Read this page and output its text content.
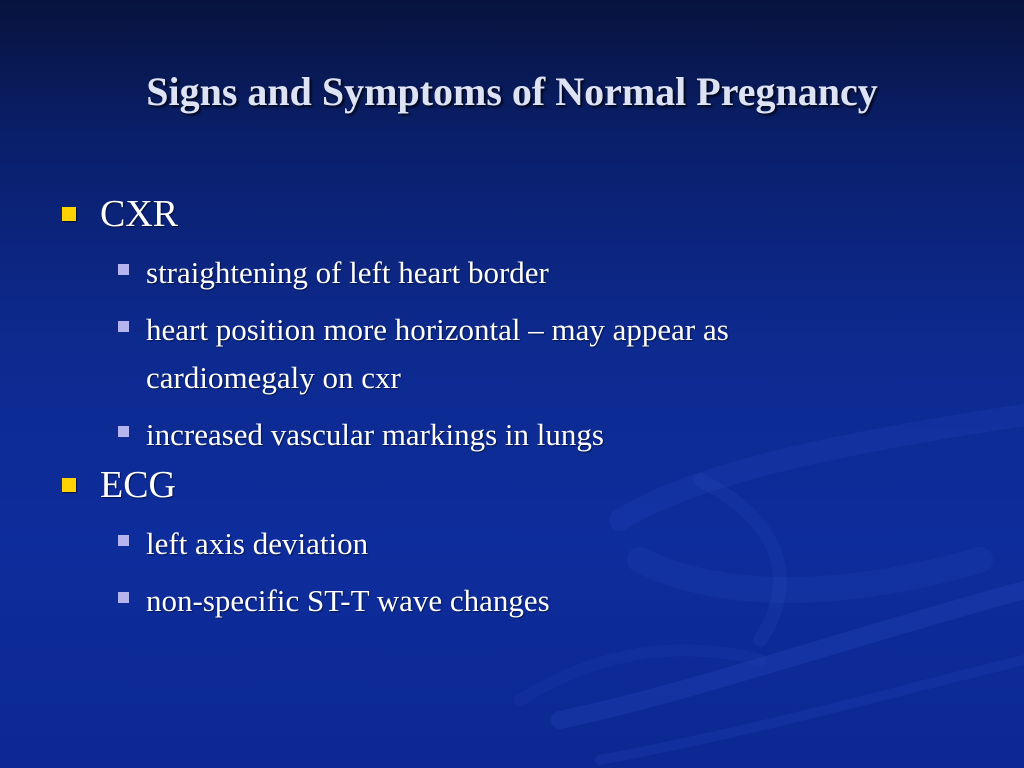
Signs and Symptoms of Normal Pregnancy
CXR
straightening of left heart border
heart position more horizontal – may appear as cardiomegaly on cxr
increased vascular markings in lungs
ECG
left axis deviation
non-specific ST-T wave changes
